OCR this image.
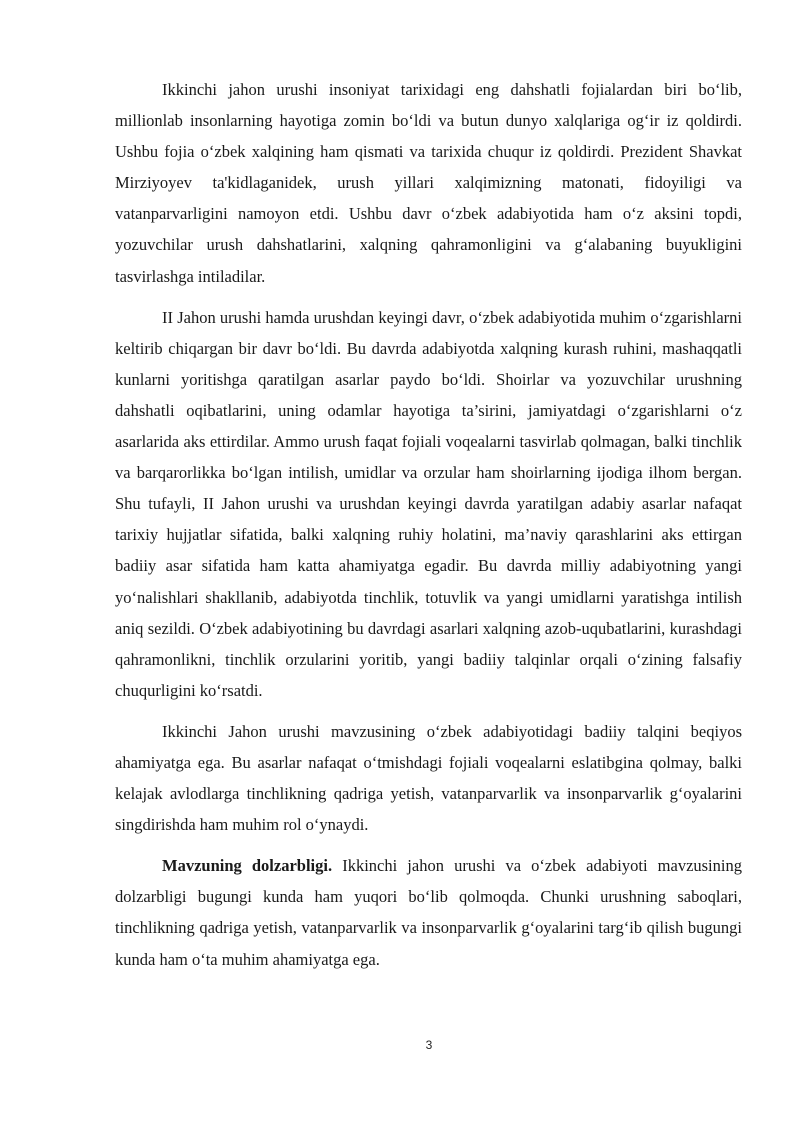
Ikkinchi jahon urushi insoniyat tarixidagi eng dahshatli fojialardan biri bo‘lib, millionlab insonlarning hayotiga zomin bo‘ldi va butun dunyo xalqlariga og‘ir iz qoldirdi. Ushbu fojia o‘zbek xalqining ham qismati va tarixida chuqur iz qoldirdi. Prezident Shavkat Mirziyoyev ta'kidlaganidek, urush yillari xalqimizning matonati, fidoyiligi va vatanparvarligini namoyon etdi. Ushbu davr o‘zbek adabiyotida ham o‘z aksini topdi, yozuvchilar urush dahshatlarini, xalqning qahramonligini va g‘alabaning buyukligini tasvirlashga intiladilar.

II Jahon urushi hamda urushdan keyingi davr, o‘zbek adabiyotida muhim o‘zgarishlarni keltirib chiqargan bir davr bo‘ldi. Bu davrda adabiyotda xalqning kurash ruhini, mashaqqatli kunlarni yoritishga qaratilgan asarlar paydo bo‘ldi. Shoirlar va yozuvchilar urushning dahshatli oqibatlarini, uning odamlar hayotiga ta’sirini, jamiyatdagi o‘zgarishlarni o‘z asarlarida aks ettirdilar. Ammo urush faqat fojiali voqealarni tasvirlab qolmagan, balki tinchlik va barqarorlikka bo‘lgan intilish, umidlar va orzular ham shoirlarning ijodiga ilhom bergan. Shu tufayli, II Jahon urushi va urushdan keyingi davrda yaratilgan adabiy asarlar nafaqat tarixiy hujjatlar sifatida, balki xalqning ruhiy holatini, ma’naviy qarashlarini aks ettirgan badiiy asar sifatida ham katta ahamiyatga egadir. Bu davrda milliy adabiyotning yangi yo‘nalishlari shakllanib, adabiyotda tinchlik, totuvlik va yangi umidlarni yaratishga intilish aniq sezildi. O‘zbek adabiyotining bu davrdagi asarlari xalqning azob-uqubatlarini, kurashdagi qahramonlikni, tinchlik orzularini yoritib, yangi badiiy talqinlar orqali o‘zining falsafiy chuqurligini ko‘rsatdi.

Ikkinchi Jahon urushi mavzusining o‘zbek adabiyotidagi badiiy talqini beqiyos ahamiyatga ega. Bu asarlar nafaqat o‘tmishdagi fojiali voqealarni eslatibgina qolmay, balki kelajak avlodlarga tinchlikning qadriga yetish, vatanparvarlik va insonparvarlik g‘oyalarini singdirishda ham muhim rol o‘ynaydi.

Mavzuning dolzarbligi. Ikkinchi jahon urushi va o‘zbek adabiyoti mavzusining dolzarbligi bugungi kunda ham yuqori bo‘lib qolmoqda. Chunki urushning saboqlari, tinchlikning qadriga yetish, vatanparvarlik va insonparvarlik g‘oyalarini targ‘ib qilish bugungi kunda ham o‘ta muhim ahamiyatga ega.

3
